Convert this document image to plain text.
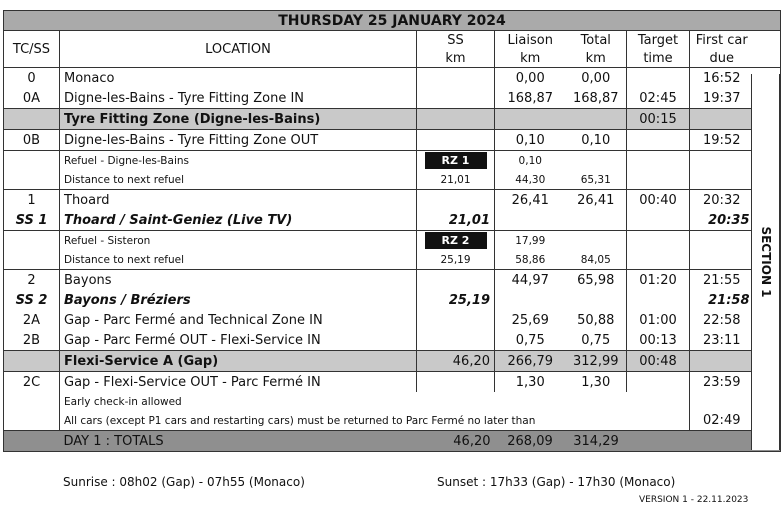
THURSDAY 25 JANUARY 2024							
TC/SS	LOCATION	SS	Liaison	Total	Target	First car	
		km	km	km	time	due	
0	Monaco		0,00	0,00		16:52	
0A	Digne-les-Bains - Tyre Fitting Zone IN		168,87	168,87	02:45	19:37	
	Tyre Fitting Zone (Digne-les-Bains)				00:15		
0B	Digne-les-Bains - Tyre Fitting Zone OUT		0,10	0,10		19:52	
	Refuel - Digne-les-Bains	RZ 1	0,10				
	Distance to next refuel	21,01	44,30	65,31			
1	Thoard		26,41	26,41	00:40	20:32	
SS 1	Thoard / Saint-Geniez (Live TV)	21,01				20:35	
	Refuel - Sisteron	RZ 2	17,99				
	Distance to next refuel	25,19	58,86	84,05			
2	Bayons		44,97	65,98	01:20	21:55	
SS 2	Bayons / Bréziers	25,19				21:58	
2A	Gap - Parc Fermé and Technical Zone IN		25,69	50,88	01:00	22:58	
2B	Gap - Parc Fermé OUT - Flexi-Service IN		0,75	0,75	00:13	23:11	
	Flexi-Service A (Gap)	46,20	266,79	312,99	00:48		
2C	Gap - Flexi-Service OUT - Parc Fermé IN		1,30	1,30		23:59	
	Early check-in allowed						
	All cars (except P1 cars and restarting cars) must be returned to Parc Fermé no later than					02:49	
	DAY 1 : TOTALS	46,20	268,09	314,29			
SECTION 1
Sunrise : 08h02 (Gap) - 07h55 (Monaco)	Sunset : 17h33 (Gap) - 17h30 (Monaco)
VERSION 1 - 22.11.2023
